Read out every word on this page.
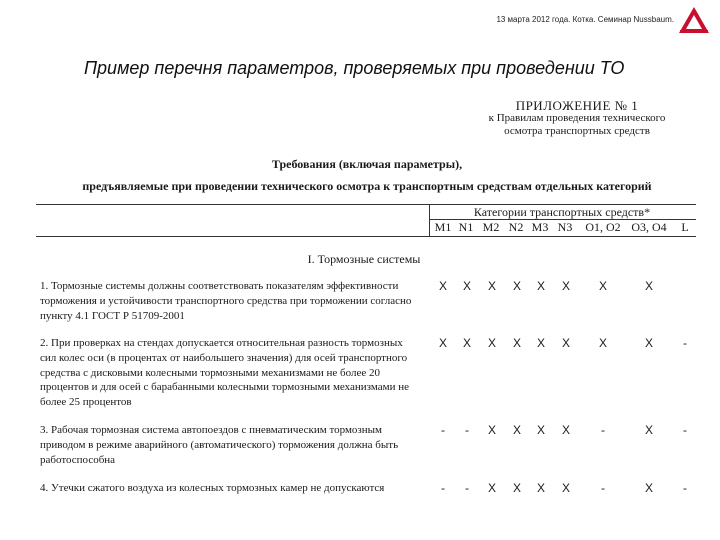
13 марта 2012 года. Котка. Семинар Nussbaum.
Пример перечня параметров, проверяемых при проведении ТО
ПРИЛОЖЕНИЕ № 1
к Правилам проведения технического
осмотра транспортных средств
Требования (включая параметры),
предъявляемые при проведении технического осмотра к транспортным средствам отдельных категорий
Категории транспортных средств*
M1 N1 M2 N2 M3 N3	O1, O2 O3, O4	L
I. Тормозные системы
1. Тормозные системы должны соответствовать показателям эффективности торможения и устойчивости транспортного средства при торможении согласно пункту 4.1 ГОСТ Р 51709-2001
X	X	X	X	X	X	X	X
2. При проверках на стендах допускается относительная разность тормозных сил колес оси (в процентах от наибольшего значения) для осей транспортного средства с дисковыми колесными тормозными механизмами не более 20 процентов и для осей с барабанными колесными тормозными механизмами не более 25 процентов
X	X	X	X	X	X	X	X	-
3. Рабочая тормозная система автопоездов с пневматическим тормозным приводом в режиме аварийного (автоматического) торможения должна быть работоспособна
-	-	X	X	X	X	-	X	-
4. Утечки сжатого воздуха из колесных тормозных камер не допускаются	-	-	X	X	X	X	-	X	-
